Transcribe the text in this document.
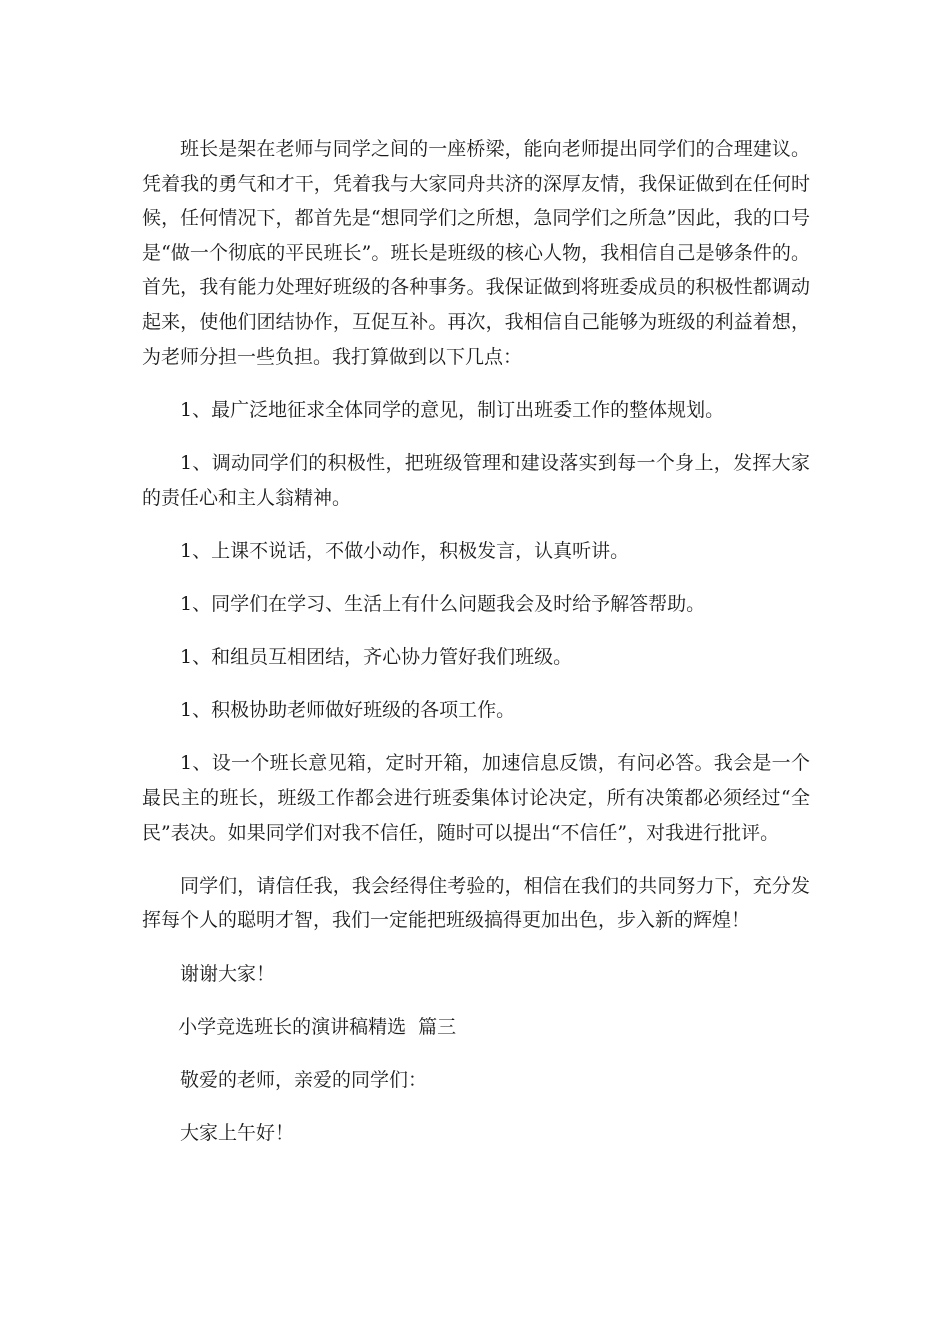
班长是架在老师与同学之间的一座桥梁，能向老师提出同学们的合理建议。凭着我的勇气和才干，凭着我与大家同舟共济的深厚友情，我保证做到在任何时候，任何情况下，都首先是“想同学们之所想，急同学们之所急”因此，我的口号是“做一个彻底的平民班长”。班长是班级的核心人物，我相信自己是够条件的。首先，我有能力处理好班级的各种事务。我保证做到将班委成员的积极性都调动起来，使他们团结协作，互促互补。再次，我相信自己能够为班级的利益着想，为老师分担一些负担。我打算做到以下几点：

1、最广泛地征求全体同学的意见，制订出班委工作的整体规划。

1、调动同学们的积极性，把班级管理和建设落实到每一个身上，发挥大家的责任心和主人翁精神。

1、上课不说话，不做小动作，积极发言，认真听讲。

1、同学们在学习、生活上有什么问题我会及时给予解答帮助。

1、和组员互相团结，齐心协力管好我们班级。

1、积极协助老师做好班级的各项工作。

1、设一个班长意见箱，定时开箱，加速信息反馈，有问必答。我会是一个最民主的班长，班级工作都会进行班委集体讨论决定，所有决策都必须经过“全民”表决。如果同学们对我不信任，随时可以提出“不信任”，对我进行批评。

同学们，请信任我，我会经得住考验的，相信在我们的共同努力下，充分发挥每个人的聪明才智，我们一定能把班级搞得更加出色，步入新的辉煌！

谢谢大家！

小学竞选班长的演讲稿精选  篇三

敬爱的老师，亲爱的同学们：

大家上午好！
